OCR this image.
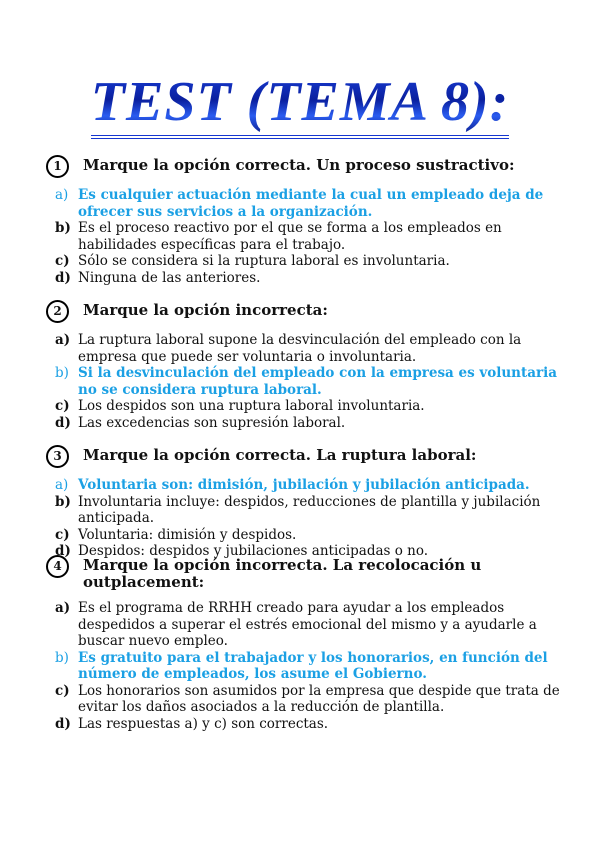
TEST (TEMA 8):
1	Marque la opción correcta. Un proceso sustractivo:
a) Es cualquier actuación mediante la cual un empleado deja de ofrecer sus servicios a la organización.
b) Es el proceso reactivo por el que se forma a los empleados en habilidades específicas para el trabajo.
c) Sólo se considera si la ruptura laboral es involuntaria.
d) Ninguna de las anteriores.
2	Marque la opción incorrecta:
a) La ruptura laboral supone la desvinculación del empleado con la empresa que puede ser voluntaria o involuntaria.
b) Si la desvinculación del empleado con la empresa es voluntaria no se considera ruptura laboral.
c) Los despidos son una ruptura laboral involuntaria.
d) Las excedencias son supresión laboral.
3	Marque la opción correcta. La ruptura laboral:
a) Voluntaria son: dimisión, jubilación y jubilación anticipada.
b) Involuntaria incluye: despidos, reducciones de plantilla y jubilación anticipada.
c) Voluntaria: dimisión y despidos.
d) Despidos: despidos y jubilaciones anticipadas o no.
4	Marque la opción incorrecta. La recolocación u outplacement:
a) Es el programa de RRHH creado para ayudar a los empleados despedidos a superar el estrés emocional del mismo y a ayudarle a buscar nuevo empleo.
b) Es gratuito para el trabajador y los honorarios, en función del número de empleados, los asume el Gobierno.
c) Los honorarios son asumidos por la empresa que despide que trata de evitar los daños asociados a la reducción de plantilla.
d) Las respuestas a) y c) son correctas.
